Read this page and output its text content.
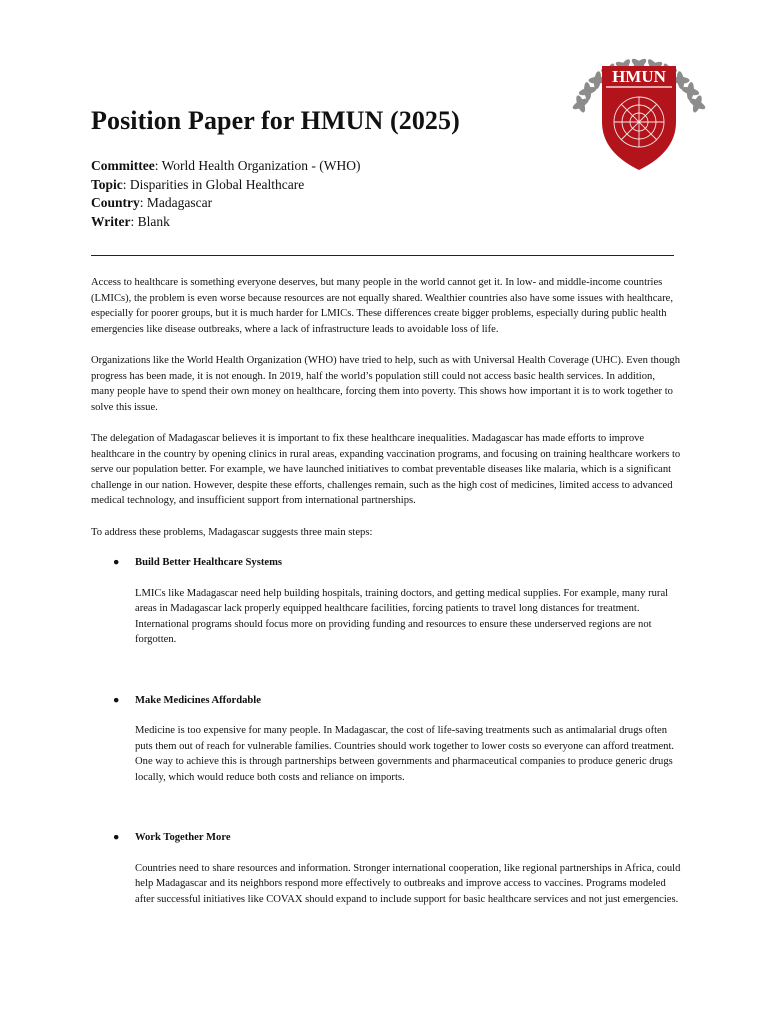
HMUN
Position Paper for HMUN (2025)
Committee: World Health Organization - (WHO)
Topic: Disparities in Global Healthcare
Country: Madagascar
Writer: Blank

Access to healthcare is something everyone deserves, but many people in the world cannot get it. In low- and middle-income countries (LMICs), the problem is even worse because resources are not equally shared. Wealthier countries also have some issues with healthcare, especially for poorer groups, but it is much harder for LMICs. These differences create bigger problems, especially during public health emergencies like disease outbreaks, where a lack of infrastructure leads to avoidable loss of life.

Organizations like the World Health Organization (WHO) have tried to help, such as with Universal Health Coverage (UHC). Even though progress has been made, it is not enough. In 2019, half the world’s population still could not access basic health services. In addition, many people have to spend their own money on healthcare, forcing them into poverty. This shows how important it is to work together to solve this issue.

The delegation of Madagascar believes it is important to fix these healthcare inequalities. Madagascar has made efforts to improve healthcare in the country by opening clinics in rural areas, expanding vaccination programs, and focusing on training healthcare workers to serve our population better. For example, we have launched initiatives to combat preventable diseases like malaria, which is a significant challenge in our nation. However, despite these efforts, challenges remain, such as the high cost of medicines, limited access to advanced medical technology, and insufficient support from international partnerships.

To address these problems, Madagascar suggests three main steps:

● Build Better Healthcare Systems
LMICs like Madagascar need help building hospitals, training doctors, and getting medical supplies. For example, many rural areas in Madagascar lack properly equipped healthcare facilities, forcing patients to travel long distances for treatment. International programs should focus more on providing funding and resources to ensure these underserved regions are not forgotten.
● Make Medicines Affordable
Medicine is too expensive for many people. In Madagascar, the cost of life-saving treatments such as antimalarial drugs often puts them out of reach for vulnerable families. Countries should work together to lower costs so everyone can afford treatment. One way to achieve this is through partnerships between governments and pharmaceutical companies to produce generic drugs locally, which would reduce both costs and reliance on imports.
● Work Together More
Countries need to share resources and information. Stronger international cooperation, like regional partnerships in Africa, could help Madagascar and its neighbors respond more effectively to outbreaks and improve access to vaccines. Programs modeled after successful initiatives like COVAX should expand to include support for basic healthcare services and not just emergencies.
